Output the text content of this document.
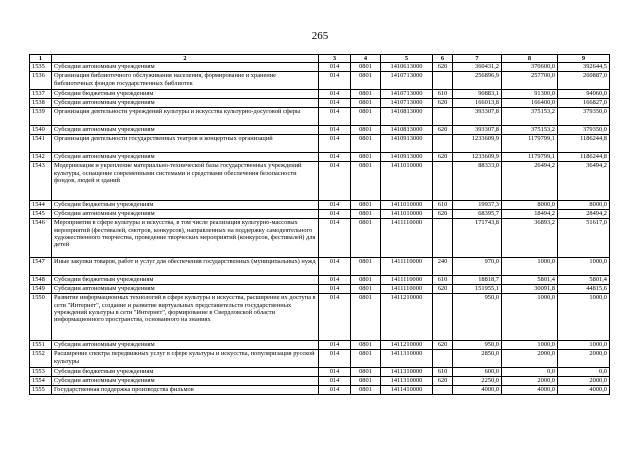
265
1	2	3	4	5	6	7	8	9
1535	Субсидии автономным учреждениям	014	0801	1410613000	620	360431,2	370600,0	392644,5
1536	Организация библиотечного обслуживания населения, формирование и хранение библиотечных фондов государственных библиотек	014	0801	1410713000		256896,9	257700,0	260887,0
1537	Субсидии бюджетным учреждениям	014	0801	1410713000	610	90883,1	91300,0	94060,0
1538	Субсидии автономным учреждениям	014	0801	1410713000	620	166013,8	166400,0	166827,0
1539	Организация деятельности учреждений культуры и искусства культурно-досуговой сферы	014	0801	1410813000		393307,8	375153,2	379350,0
1540	Субсидии автономным учреждениям	014	0801	1410813000	620	393307,8	375153,2	379350,0
1541	Организация деятельности государственных театров и концертных организаций	014	0801	1410913000		1233609,9	1179799,1	1186244,8
1542	Субсидии автономным учреждениям	014	0801	1410913000	620	1233609,9	1179799,1	1186244,8
1543	Модернизация и укрепление материально-технической базы государственных учреждений культуры, оснащение современными системами и средствами обеспечения безопасности фондов, людей и зданий	014	0801	1411010000		88333,0	26494,2	36494,2
1544	Субсидии бюджетным учреждениям	014	0801	1411010000	610	19937,3	8000,0	8000,0
1545	Субсидии автономным учреждениям	014	0801	1411010000	620	68395,7	18494,2	28494,2
1546	Мероприятия в сфере культуры и искусства, в том числе реализация культурно-массовых мероприятий (фестивалей, смотров, конкурсов), направленных на поддержку самодеятельного художественного творчества, проведение творческих мероприятий (конкурсов, фестивалей) для детей	014	0801	1411110000		171743,8	36893,2	51617,0
1547	Иные закупки товаров, работ и услуг для обеспечения государственных (муниципальных) нужд	014	0801	1411110000	240	970,0	1000,0	1000,0
1548	Субсидии бюджетным учреждениям	014	0801	1411110000	610	18818,7	5801,4	5801,4
1549	Субсидии автономным учреждениям	014	0801	1411110000	620	151955,1	30091,8	44815,6
1550	Развитие информационных технологий в сфере культуры и искусства, расширение их доступа в сети "Интернет", создание и развитие виртуальных представительств государственных учреждений культуры в сети "Интернет", формирование в Свердловской области информационного пространства, основанного на знаниях	014	0801	1411210000		950,0	1000,0	1000,0
1551	Субсидии автономным учреждениям	014	0801	1411210000	620	950,0	1000,0	1000,0
1552	Расширение спектра передвижных услуг в сфере культуры и искусства, популяризация русской культуры	014	0801	1411310000		2850,0	2000,0	2000,0
1553	Субсидии бюджетным учреждениям	014	0801	1411310000	610	600,0	0,0	0,0
1554	Субсидии автономным учреждениям	014	0801	1411310000	620	2250,0	2000,0	2000,0
1555	Государственная поддержка производства фильмов	014	0801	1411410000		4000,0	4000,0	4000,0
